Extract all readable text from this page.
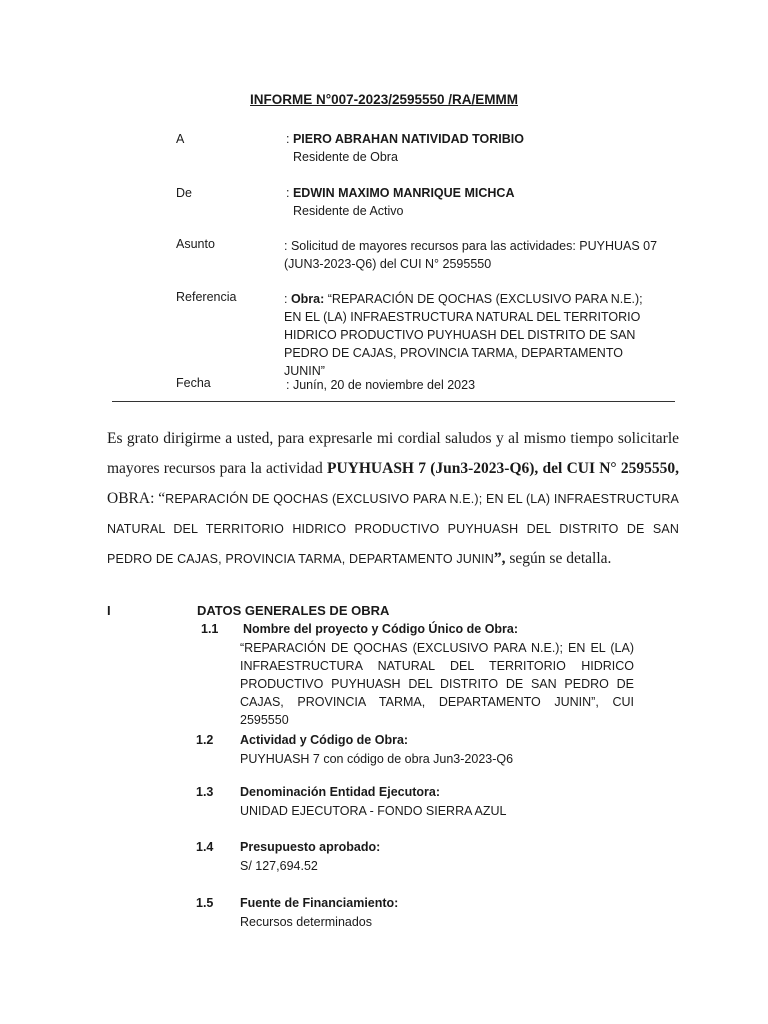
INFORME N°007-2023/2595550 /RA/EMMM
A	: PIERO ABRAHAN NATIVIDAD TORIBIO
Residente de Obra
De	: EDWIN MAXIMO MANRIQUE MICHCA
Residente de Activo
Asunto	: Solicitud de mayores recursos para las actividades: PUYHUAS 07 (JUN3-2023-Q6) del CUI N° 2595550
Referencia	: Obra: “REPARACIÓN DE QOCHAS (EXCLUSIVO PARA N.E.); EN EL (LA) INFRAESTRUCTURA NATURAL DEL TERRITORIO HIDRICO PRODUCTIVO PUYHUASH DEL DISTRITO DE SAN PEDRO DE CAJAS, PROVINCIA TARMA, DEPARTAMENTO JUNIN”
Fecha	: Junín, 20 de noviembre del 2023
Es grato dirigirme a usted, para expresarle mi cordial saludos y al mismo tiempo solicitarle mayores recursos para la actividad PUYHUASH 7 (Jun3-2023-Q6), del CUI N° 2595550, OBRA: “REPARACIÓN DE QOCHAS (EXCLUSIVO PARA N.E.); EN EL (LA) INFRAESTRUCTURA NATURAL DEL TERRITORIO HIDRICO PRODUCTIVO PUYHUASH DEL DISTRITO DE SAN PEDRO DE CAJAS, PROVINCIA TARMA, DEPARTAMENTO JUNIN”, según se detalla.
I	DATOS GENERALES DE OBRA
1.1 Nombre del proyecto y Código Único de Obra:
“REPARACIÓN DE QOCHAS (EXCLUSIVO PARA N.E.); EN EL (LA) INFRAESTRUCTURA NATURAL DEL TERRITORIO HIDRICO PRODUCTIVO PUYHUASH DEL DISTRITO DE SAN PEDRO DE CAJAS, PROVINCIA TARMA, DEPARTAMENTO JUNIN”, CUI 2595550
1.2 Actividad y Código de Obra:
PUYHUASH 7 con código de obra Jun3-2023-Q6
1.3 Denominación Entidad Ejecutora:
UNIDAD EJECUTORA - FONDO SIERRA AZUL
1.4 Presupuesto aprobado:
S/ 127,694.52
1.5 Fuente de Financiamiento:
Recursos determinados
